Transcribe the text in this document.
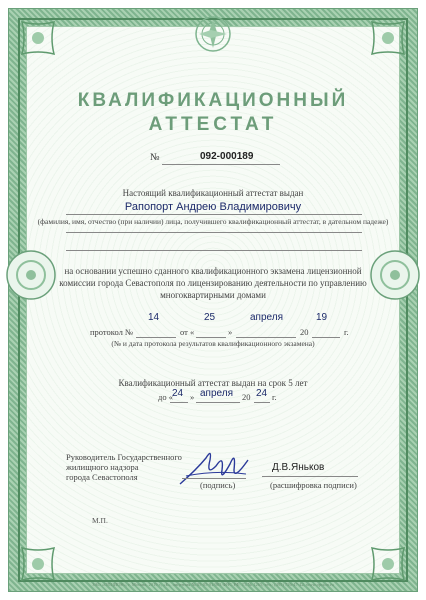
КВАЛИФИКАЦИОННЫЙ
АТТЕСТАТ
№	092-000189
Настоящий квалификационный аттестат выдан
Рапопорт Андрею Владимировичу
(фамилия, имя, отчество (при наличии) лица, получившего квалификационный аттестат, в дательном падеже)
на основании успешно сданного квалификационного экзамена лицензионной
комиссии города Севастополя по лицензированию деятельности по управлению
многоквартирными домами
14	25	апреля	19
протокол №	от «	»	20	г.
(№ и дата протокола результатов квалификационного экзамена)
Квалификационный аттестат выдан на срок 5 лет
до « 24 » апреля 20 24 г.
Руководитель Государственного
жилищного надзора
города Севастополя
(подпись)
Д.В.Яньков
(расшифровка подписи)
М.П.
ЗАО «ОПЦИОН», г. Москва, 2019 г., «Б», лицензия № 05-05-01/003 ФНС РФ, ТЗ № 1265, тел.: (495) 726-47-42, www.opcion.ru
